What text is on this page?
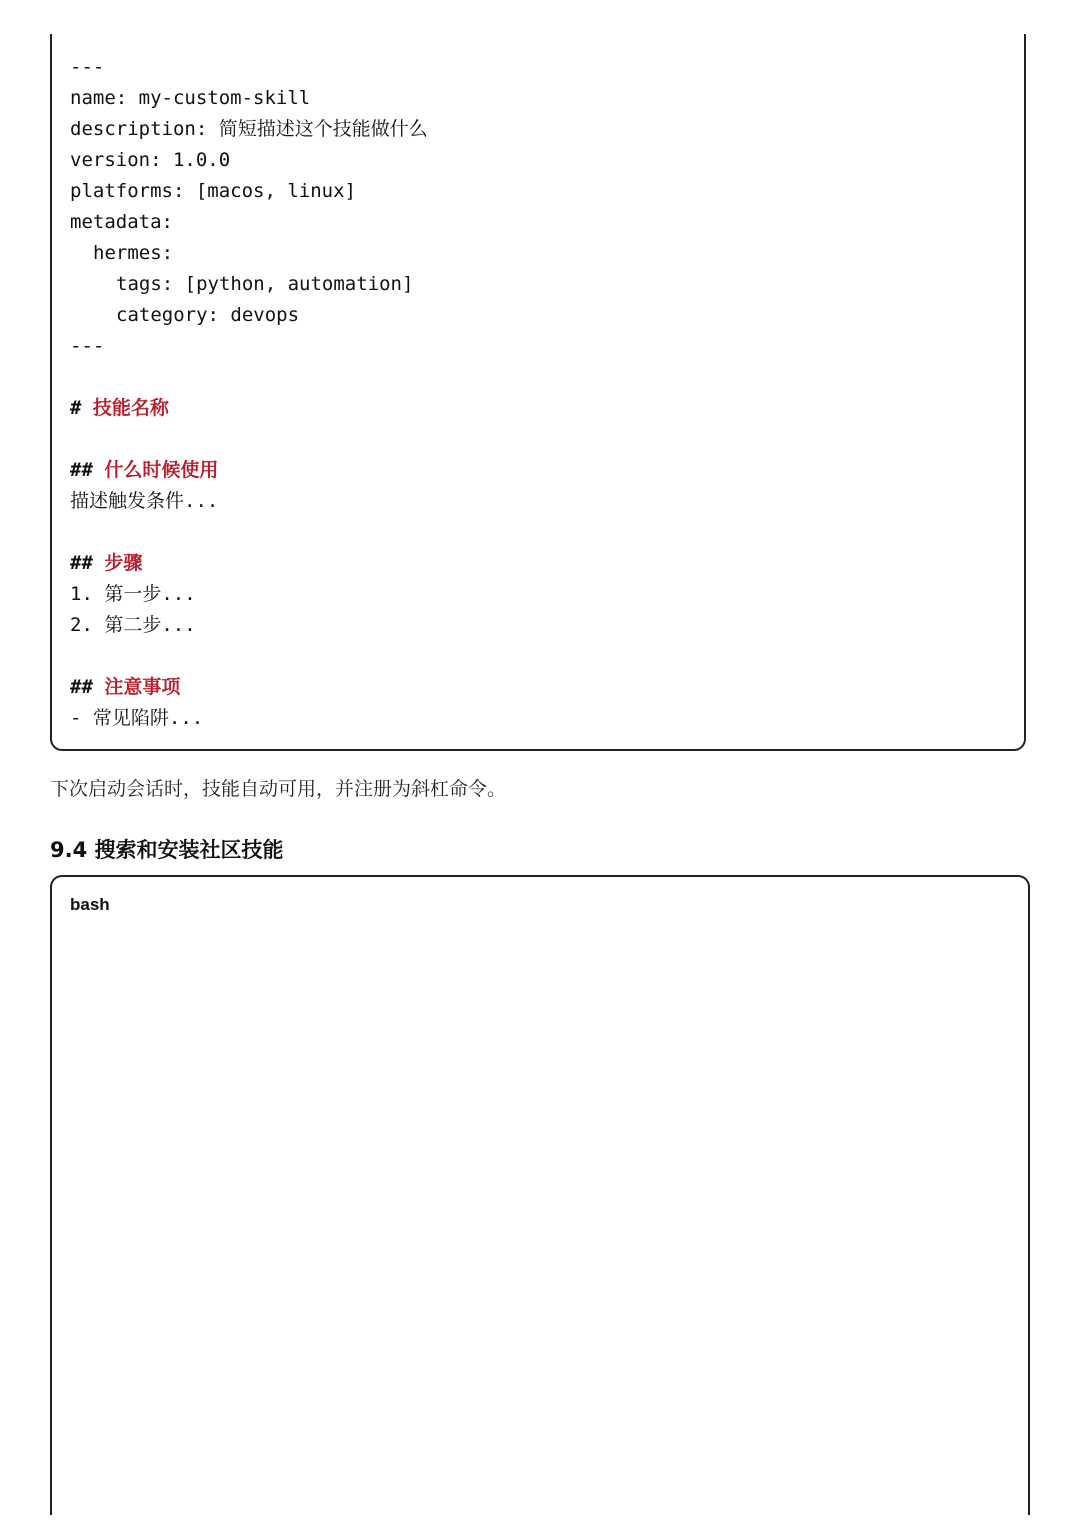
---
name: my-custom-skill
description: 简短描述这个技能做什么
version: 1.0.0
platforms: [macos, linux]
metadata:
hermes:
tags: [python, automation]
category: devops
---
# 技能名称
## 什么时候使用
描述触发条件...
## 步骤
1. 第一步...
2. 第二步...
## 注意事项
- 常见陷阱...
下次启动会话时，技能自动可用，并注册为斜杠命令。
9.4 搜索和安装社区技能
bash
